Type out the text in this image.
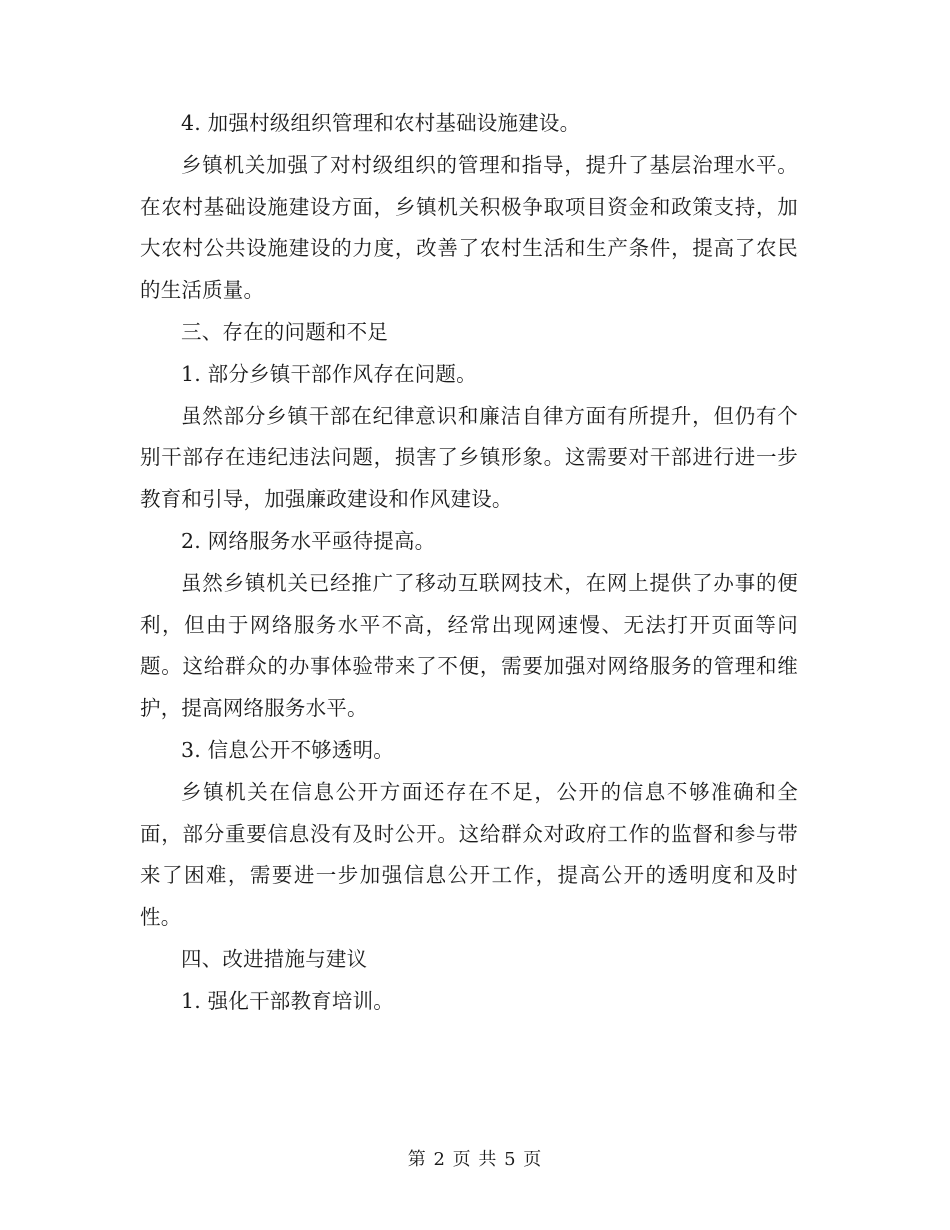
4. 加强村级组织管理和农村基础设施建设。

乡镇机关加强了对村级组织的管理和指导，提升了基层治理水平。在农村基础设施建设方面，乡镇机关积极争取项目资金和政策支持，加大农村公共设施建设的力度，改善了农村生活和生产条件，提高了农民的生活质量。

三、存在的问题和不足

1. 部分乡镇干部作风存在问题。

虽然部分乡镇干部在纪律意识和廉洁自律方面有所提升，但仍有个别干部存在违纪违法问题，损害了乡镇形象。这需要对干部进行进一步教育和引导，加强廉政建设和作风建设。

2. 网络服务水平亟待提高。

虽然乡镇机关已经推广了移动互联网技术，在网上提供了办事的便利，但由于网络服务水平不高，经常出现网速慢、无法打开页面等问题。这给群众的办事体验带来了不便，需要加强对网络服务的管理和维护，提高网络服务水平。

3. 信息公开不够透明。

乡镇机关在信息公开方面还存在不足，公开的信息不够准确和全面，部分重要信息没有及时公开。这给群众对政府工作的监督和参与带来了困难，需要进一步加强信息公开工作，提高公开的透明度和及时性。

四、改进措施与建议

1. 强化干部教育培训。

第 2 页 共 5 页
